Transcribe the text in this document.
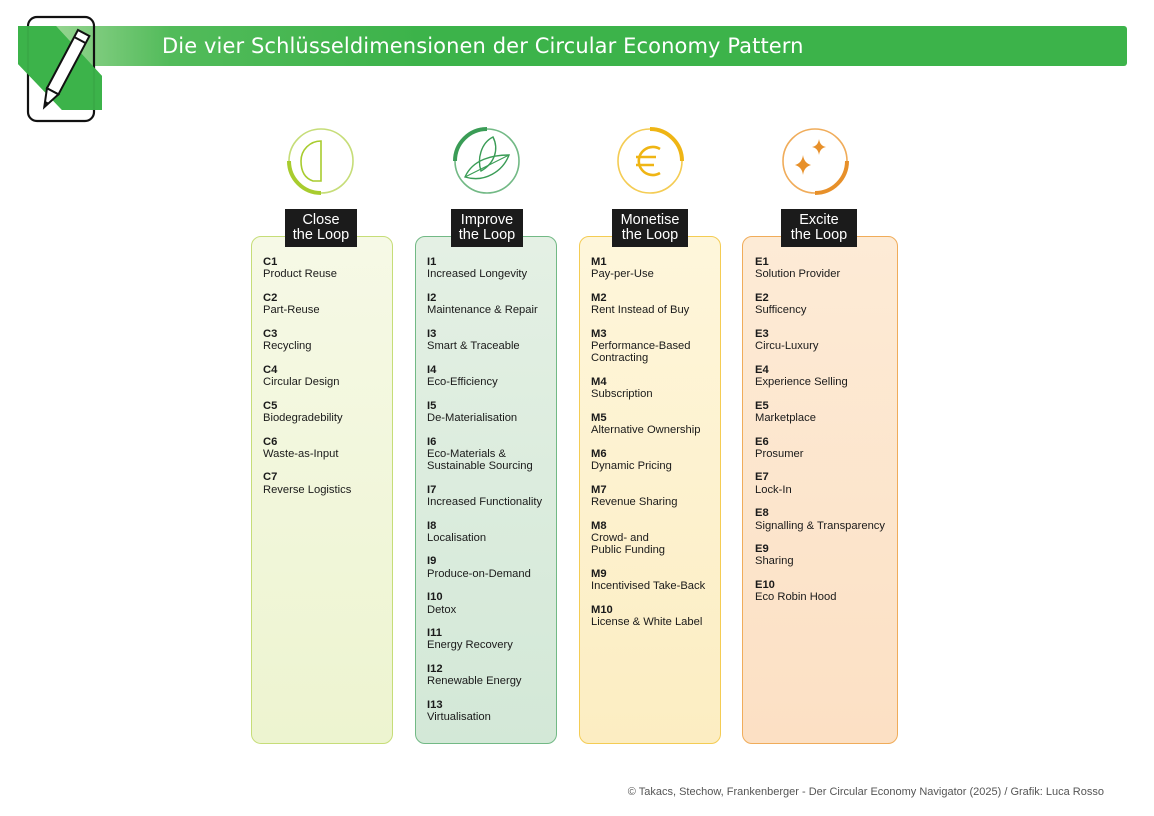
Die vier Schlüsseldimensionen der Circular Economy Pattern
Close
the Loop
Improve
the Loop
Monetise
the Loop
Excite
the Loop
C1
Product Reuse
C2
Part-Reuse
C3
Recycling
C4
Circular Design
C5
Biodegradebility
C6
Waste-as-Input
C7
Reverse Logistics
I1
Increased Longevity
I2
Maintenance & Repair
I3
Smart & Traceable
I4
Eco-Efficiency
I5
De-Materialisation
I6
Eco-Materials &
Sustainable Sourcing
I7
Increased Functionality
I8
Localisation
I9
Produce-on-Demand
I10
Detox
I11
Energy Recovery
I12
Renewable Energy
I13
Virtualisation
M1
Pay-per-Use
M2
Rent Instead of Buy
M3
Performance-Based
Contracting
M4
Subscription
M5
Alternative Ownership
M6
Dynamic Pricing
M7
Revenue Sharing
M8
Crowd- and
Public Funding
M9
Incentivised Take-Back
M10
License & White Label
E1
Solution Provider
E2
Sufficency
E3
Circu-Luxury
E4
Experience Selling
E5
Marketplace
E6
Prosumer
E7
Lock-In
E8
Signalling & Transparency
E9
Sharing
E10
Eco Robin Hood
© Takacs, Stechow, Frankenberger - Der Circular Economy Navigator (2025) / Grafik: Luca Rosso
